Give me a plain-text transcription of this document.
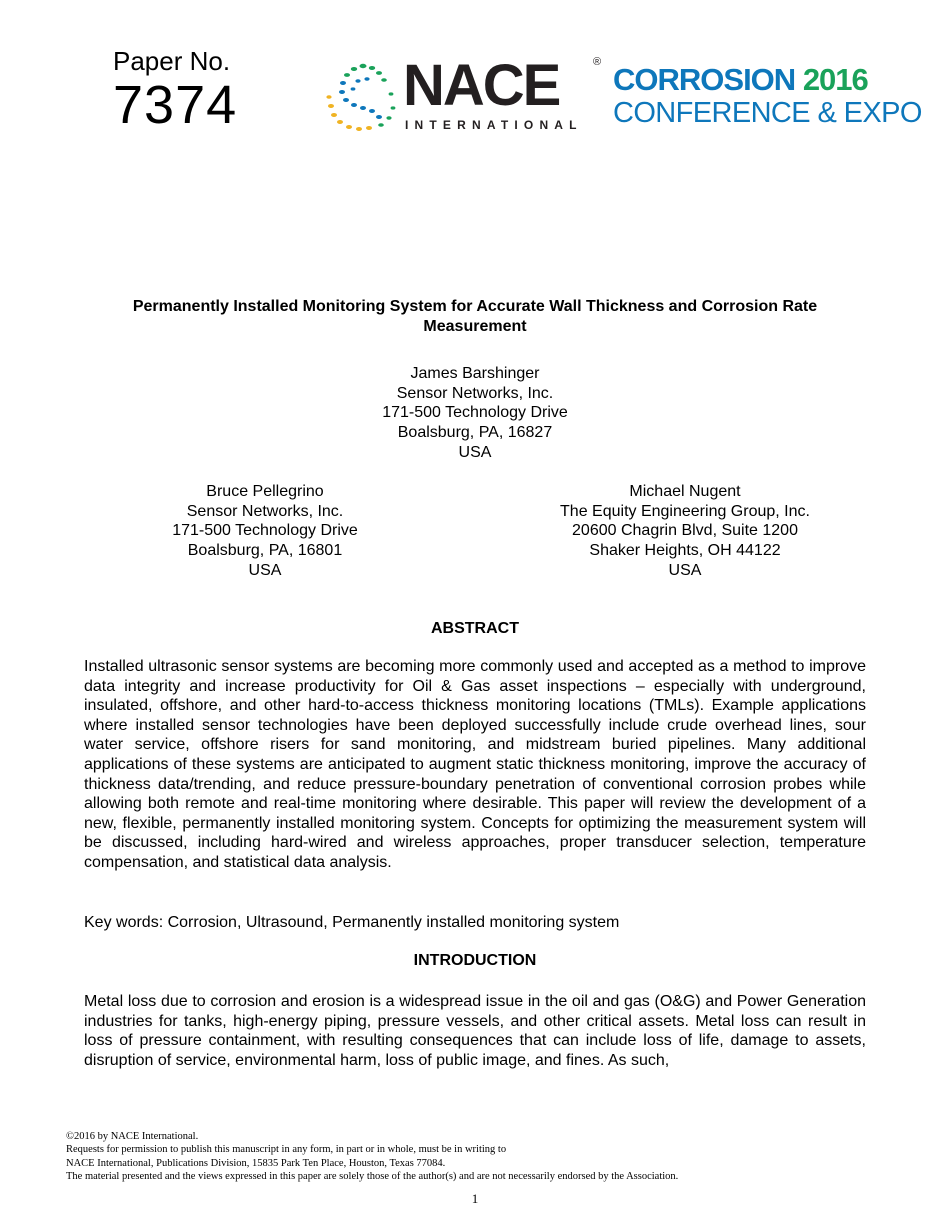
Paper No.
7374	NACE	®
INTERNATIONAL
CORROSION 2016
CONFERENCE & EXPO
Permanently Installed Monitoring System for Accurate Wall Thickness and Corrosion Rate Measurement
James Barshinger
Sensor Networks, Inc.
171-500 Technology Drive
Boalsburg, PA, 16827
USA
Bruce Pellegrino
Sensor Networks, Inc.
171-500 Technology Drive
Boalsburg, PA, 16801
USA
Michael Nugent
The Equity Engineering Group, Inc.
20600 Chagrin Blvd, Suite 1200
Shaker Heights, OH 44122
USA
ABSTRACT
Installed ultrasonic sensor systems are becoming more commonly used and accepted as a method to improve data integrity and increase productivity for Oil & Gas asset inspections – especially with underground, insulated, offshore, and other hard-to-access thickness monitoring locations (TMLs). Example applications where installed sensor technologies have been deployed successfully include crude overhead lines, sour water service, offshore risers for sand monitoring, and midstream buried pipelines. Many additional applications of these systems are anticipated to augment static thickness monitoring, improve the accuracy of thickness data/trending, and reduce pressure-boundary penetration of conventional corrosion probes while allowing both remote and real-time monitoring where desirable. This paper will review the development of a new, flexible, permanently installed monitoring system. Concepts for optimizing the measurement system will be discussed, including hard-wired and wireless approaches, proper transducer selection, temperature compensation, and statistical data analysis.
Key words: Corrosion, Ultrasound, Permanently installed monitoring system
INTRODUCTION
Metal loss due to corrosion and erosion is a widespread issue in the oil and gas (O&G) and Power Generation industries for tanks, high-energy piping, pressure vessels, and other critical assets. Metal loss can result in loss of pressure containment, with resulting consequences that can include loss of life, damage to assets, disruption of service, environmental harm, loss of public image, and fines. As such,
©2016 by NACE International.
Requests for permission to publish this manuscript in any form, in part or in whole, must be in writing to
NACE International, Publications Division, 15835 Park Ten Place, Houston, Texas 77084.
The material presented and the views expressed in this paper are solely those of the author(s) and are not necessarily endorsed by the Association.
1
